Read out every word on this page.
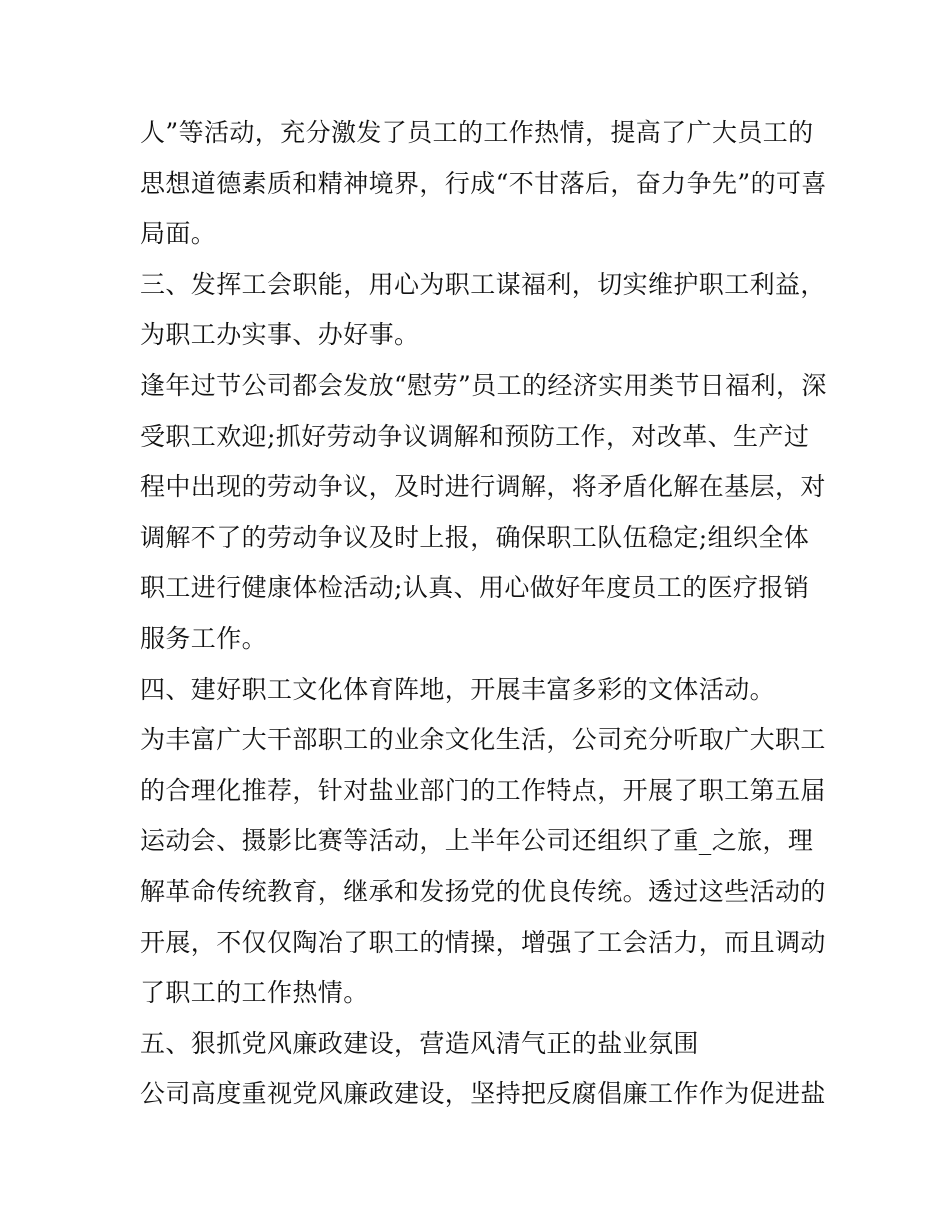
人”等活动，充分激发了员工的工作热情，提高了广大员工的
思想道德素质和精神境界，行成“不甘落后，奋力争先”的可喜
局面。
三、发挥工会职能，用心为职工谋福利，切实维护职工利益，
为职工办实事、办好事。
逢年过节公司都会发放“慰劳”员工的经济实用类节日福利，深
受职工欢迎;抓好劳动争议调解和预防工作，对改革、生产过
程中出现的劳动争议，及时进行调解，将矛盾化解在基层，对
调解不了的劳动争议及时上报，确保职工队伍稳定;组织全体
职工进行健康体检活动;认真、用心做好年度员工的医疗报销
服务工作。
四、建好职工文化体育阵地，开展丰富多彩的文体活动。
为丰富广大干部职工的业余文化生活，公司充分听取广大职工
的合理化推荐，针对盐业部门的工作特点，开展了职工第五届
运动会、摄影比赛等活动，上半年公司还组织了重_之旅，理
解革命传统教育，继承和发扬党的优良传统。透过这些活动的
开展，不仅仅陶冶了职工的情操，增强了工会活力，而且调动
了职工的工作热情。
五、狠抓党风廉政建设，营造风清气正的盐业氛围
公司高度重视党风廉政建设，坚持把反腐倡廉工作作为促进盐
